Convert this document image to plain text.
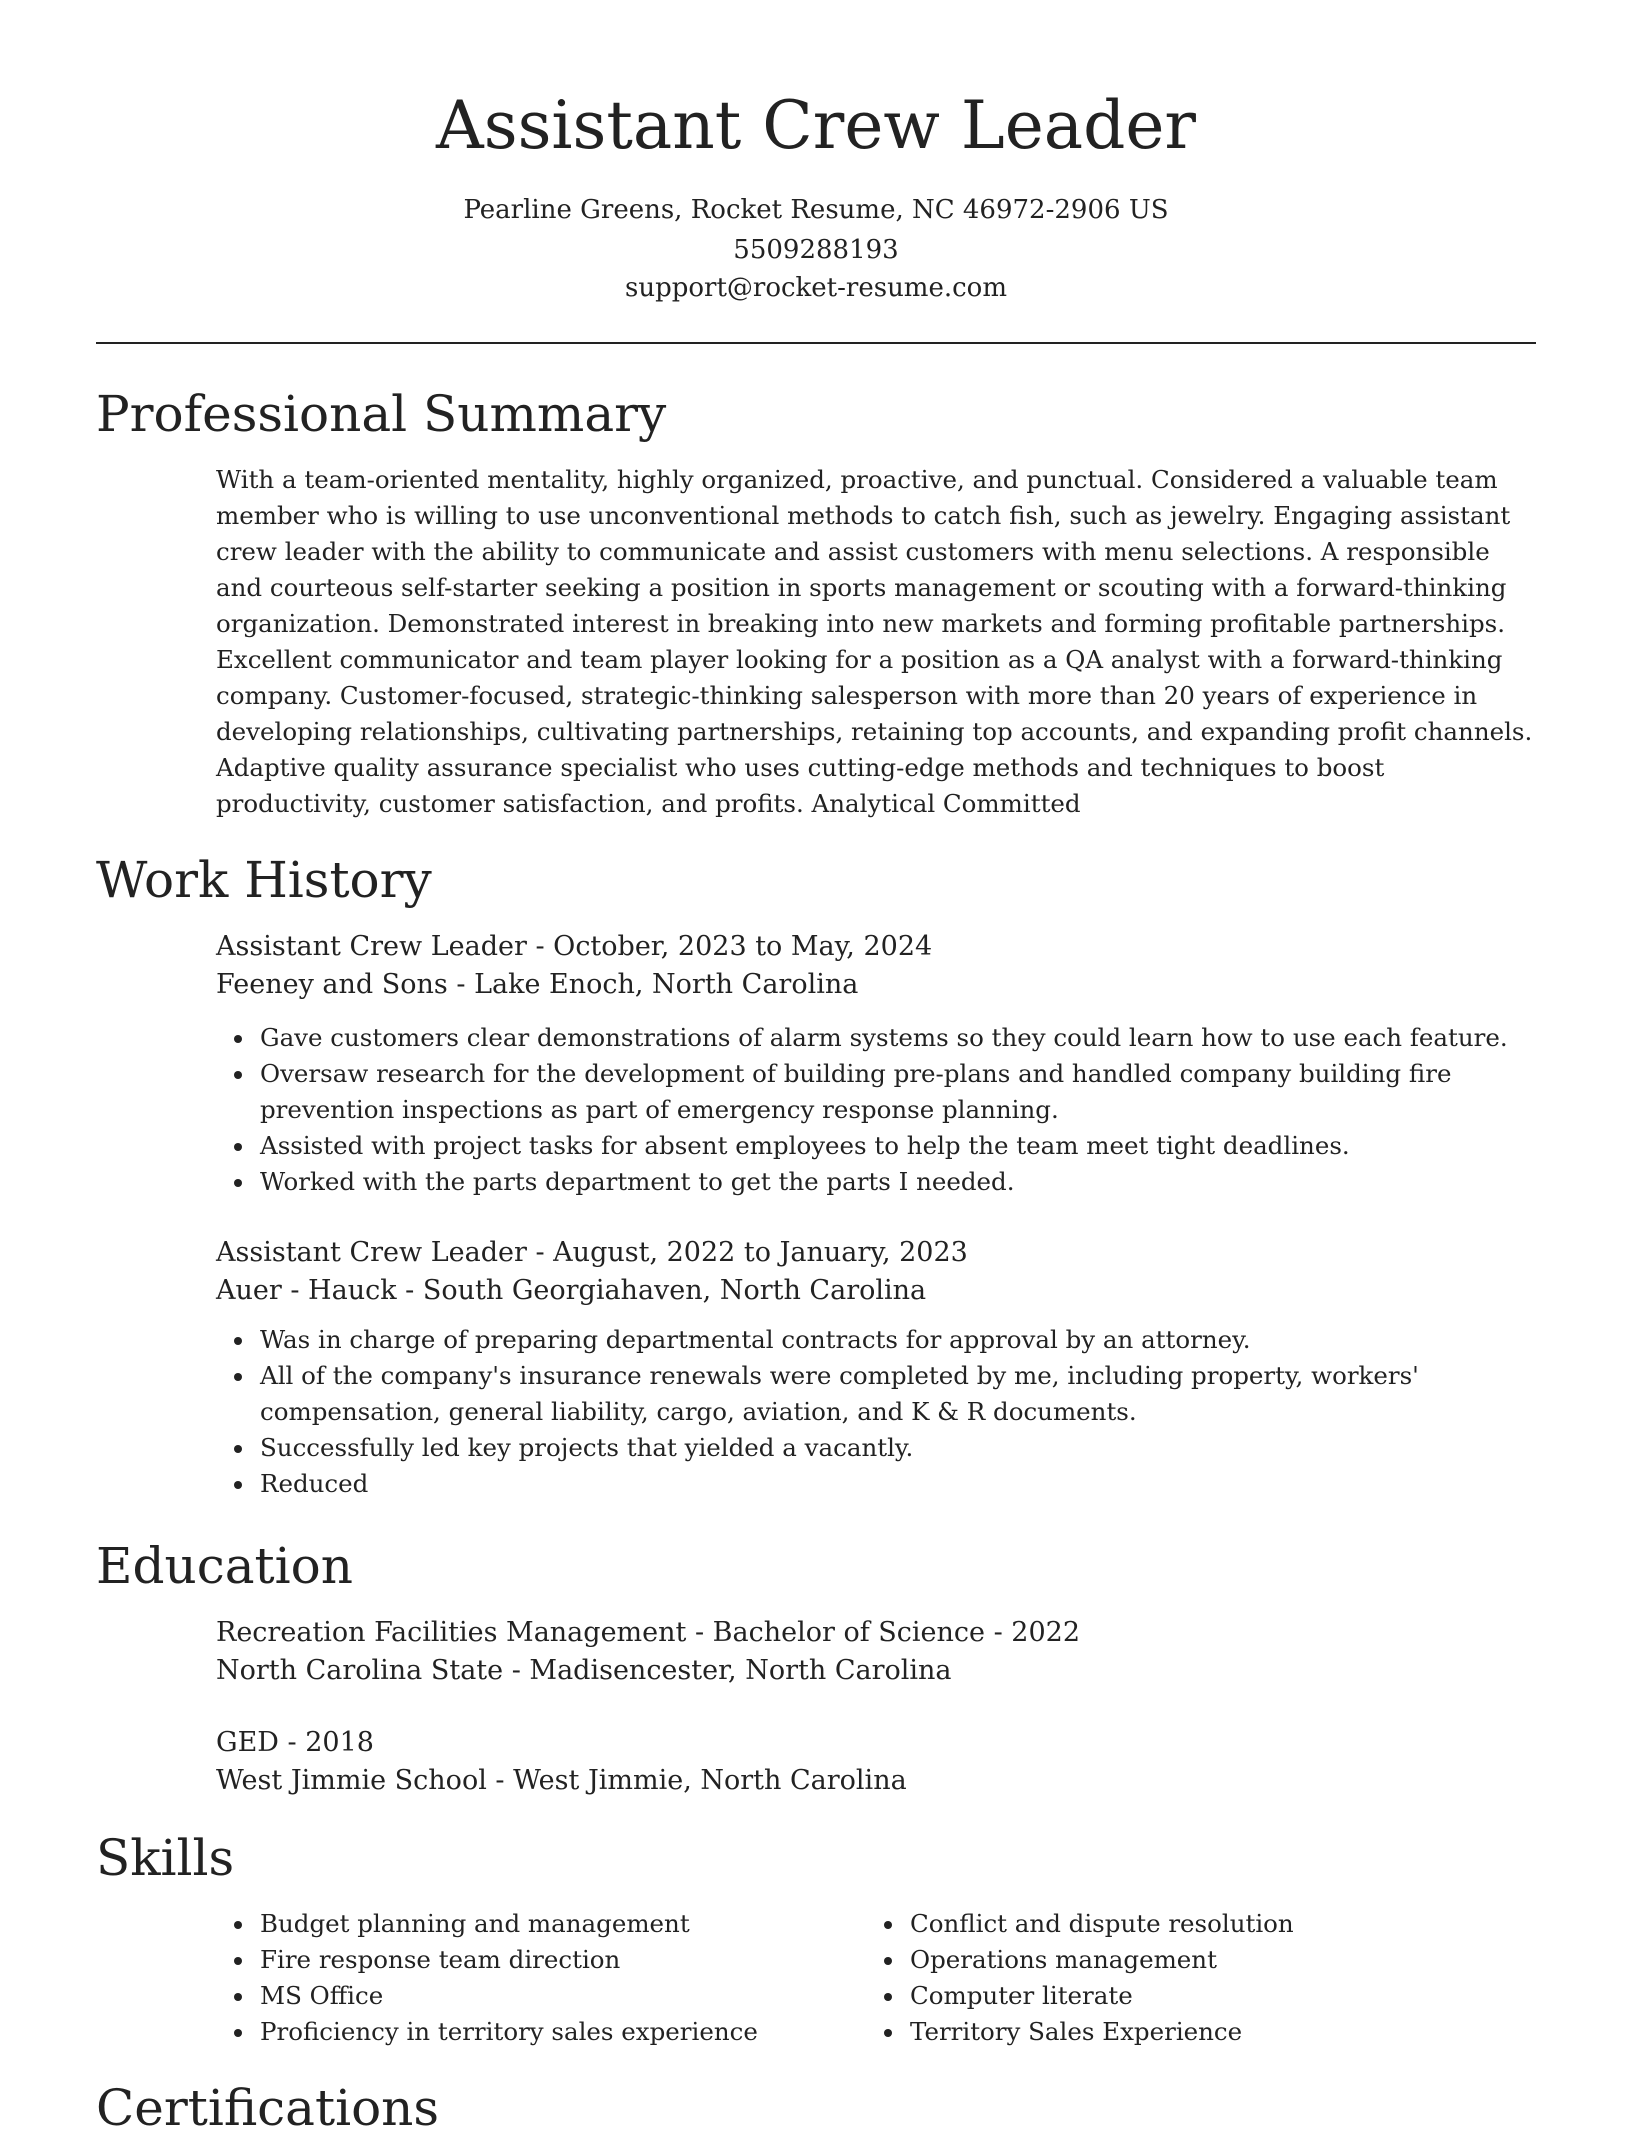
Assistant Crew Leader
Pearline Greens, Rocket Resume, NC 46972-2906 US
5509288193
support@rocket-resume.com
Professional Summary

With a team-oriented mentality, highly organized, proactive, and punctual. Considered a valuable team member who is willing to use unconventional methods to catch fish, such as jewelry. Engaging assistant crew leader with the ability to communicate and assist customers with menu selections. A responsible and courteous self-starter seeking a position in sports management or scouting with a forward-thinking organization. Demonstrated interest in breaking into new markets and forming profitable partnerships. Excellent communicator and team player looking for a position as a QA analyst with a forward-thinking company. Customer-focused, strategic-thinking salesperson with more than 20 years of experience in developing relationships, cultivating partnerships, retaining top accounts, and expanding profit channels. Adaptive quality assurance specialist who uses cutting-edge methods and techniques to boost productivity, customer satisfaction, and profits. Analytical Committed

Work History
Assistant Crew Leader - October, 2023 to May, 2024
Feeney and Sons - Lake Enoch, North Carolina
Gave customers clear demonstrations of alarm systems so they could learn how to use each feature.
Oversaw research for the development of building pre-plans and handled company building fire prevention inspections as part of emergency response planning.
Assisted with project tasks for absent employees to help the team meet tight deadlines.
Worked with the parts department to get the parts I needed.
Assistant Crew Leader - August, 2022 to January, 2023
Auer - Hauck - South Georgiahaven, North Carolina
Was in charge of preparing departmental contracts for approval by an attorney.
All of the company's insurance renewals were completed by me, including property, workers' compensation, general liability, cargo, aviation, and K & R documents.
Successfully led key projects that yielded a vacantly.
Reduced
Education
Recreation Facilities Management - Bachelor of Science - 2022
North Carolina State - Madisencester, North Carolina
GED - 2018
West Jimmie School - West Jimmie, North Carolina
Skills
Budget planning and management
Fire response team direction
MS Office
Proficiency in territory sales experience
Conflict and dispute resolution
Operations management
Computer literate
Territory Sales Experience
Certifications
